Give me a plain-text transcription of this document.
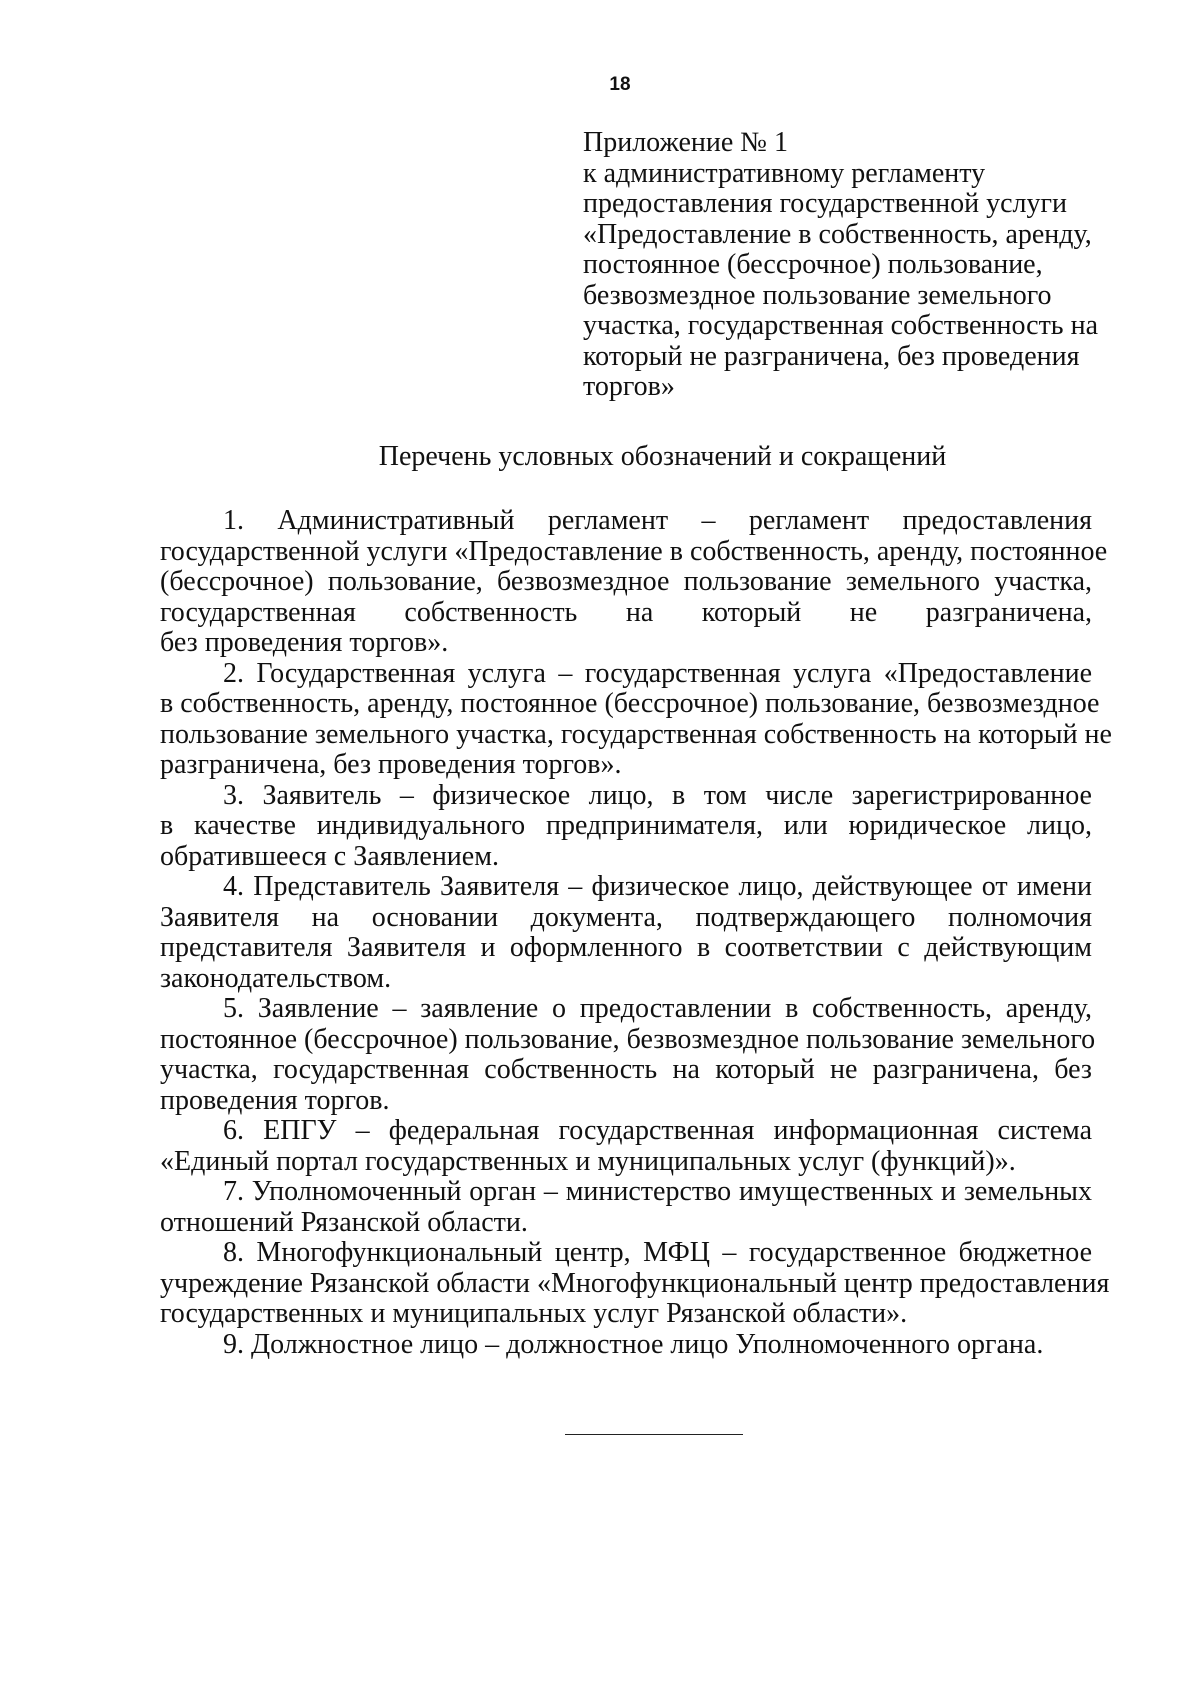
18
Приложение № 1
к административному регламенту
предоставления государственной услуги
«Предоставление в собственность, аренду,
постоянное (бессрочное) пользование,
безвозмездное пользование земельного
участка, государственная собственность на
который не разграничена, без проведения
торгов»
Перечень условных обозначений и сокращений
1. Административный регламент – регламент предоставления
государственной услуги «Предоставление в собственность, аренду, постоянное
(бессрочное) пользование, безвозмездное пользование земельного участка,
государственная собственность на который не разграничена,
без проведения торгов».
2. Государственная услуга – государственная услуга «Предоставление
в собственность, аренду, постоянное (бессрочное) пользование, безвозмездное
пользование земельного участка, государственная собственность на который не
разграничена, без проведения торгов».
3. Заявитель – физическое лицо, в том числе зарегистрированное
в качестве индивидуального предпринимателя, или юридическое лицо,
обратившееся с Заявлением.
4. Представитель Заявителя – физическое лицо, действующее от имени
Заявителя на основании документа, подтверждающего полномочия
представителя Заявителя и оформленного в соответствии с действующим
законодательством.
5. Заявление – заявление о предоставлении в собственность, аренду,
постоянное (бессрочное) пользование, безвозмездное пользование земельного
участка, государственная собственность на который не разграничена, без
проведения торгов.
6. ЕПГУ – федеральная государственная информационная система
«Единый портал государственных и муниципальных услуг (функций)».
7. Уполномоченный орган – министерство имущественных и земельных
отношений Рязанской области.
8. Многофункциональный центр, МФЦ – государственное бюджетное
учреждение Рязанской области «Многофункциональный центр предоставления
государственных и муниципальных услуг Рязанской области».
9. Должностное лицо – должностное лицо Уполномоченного органа.
